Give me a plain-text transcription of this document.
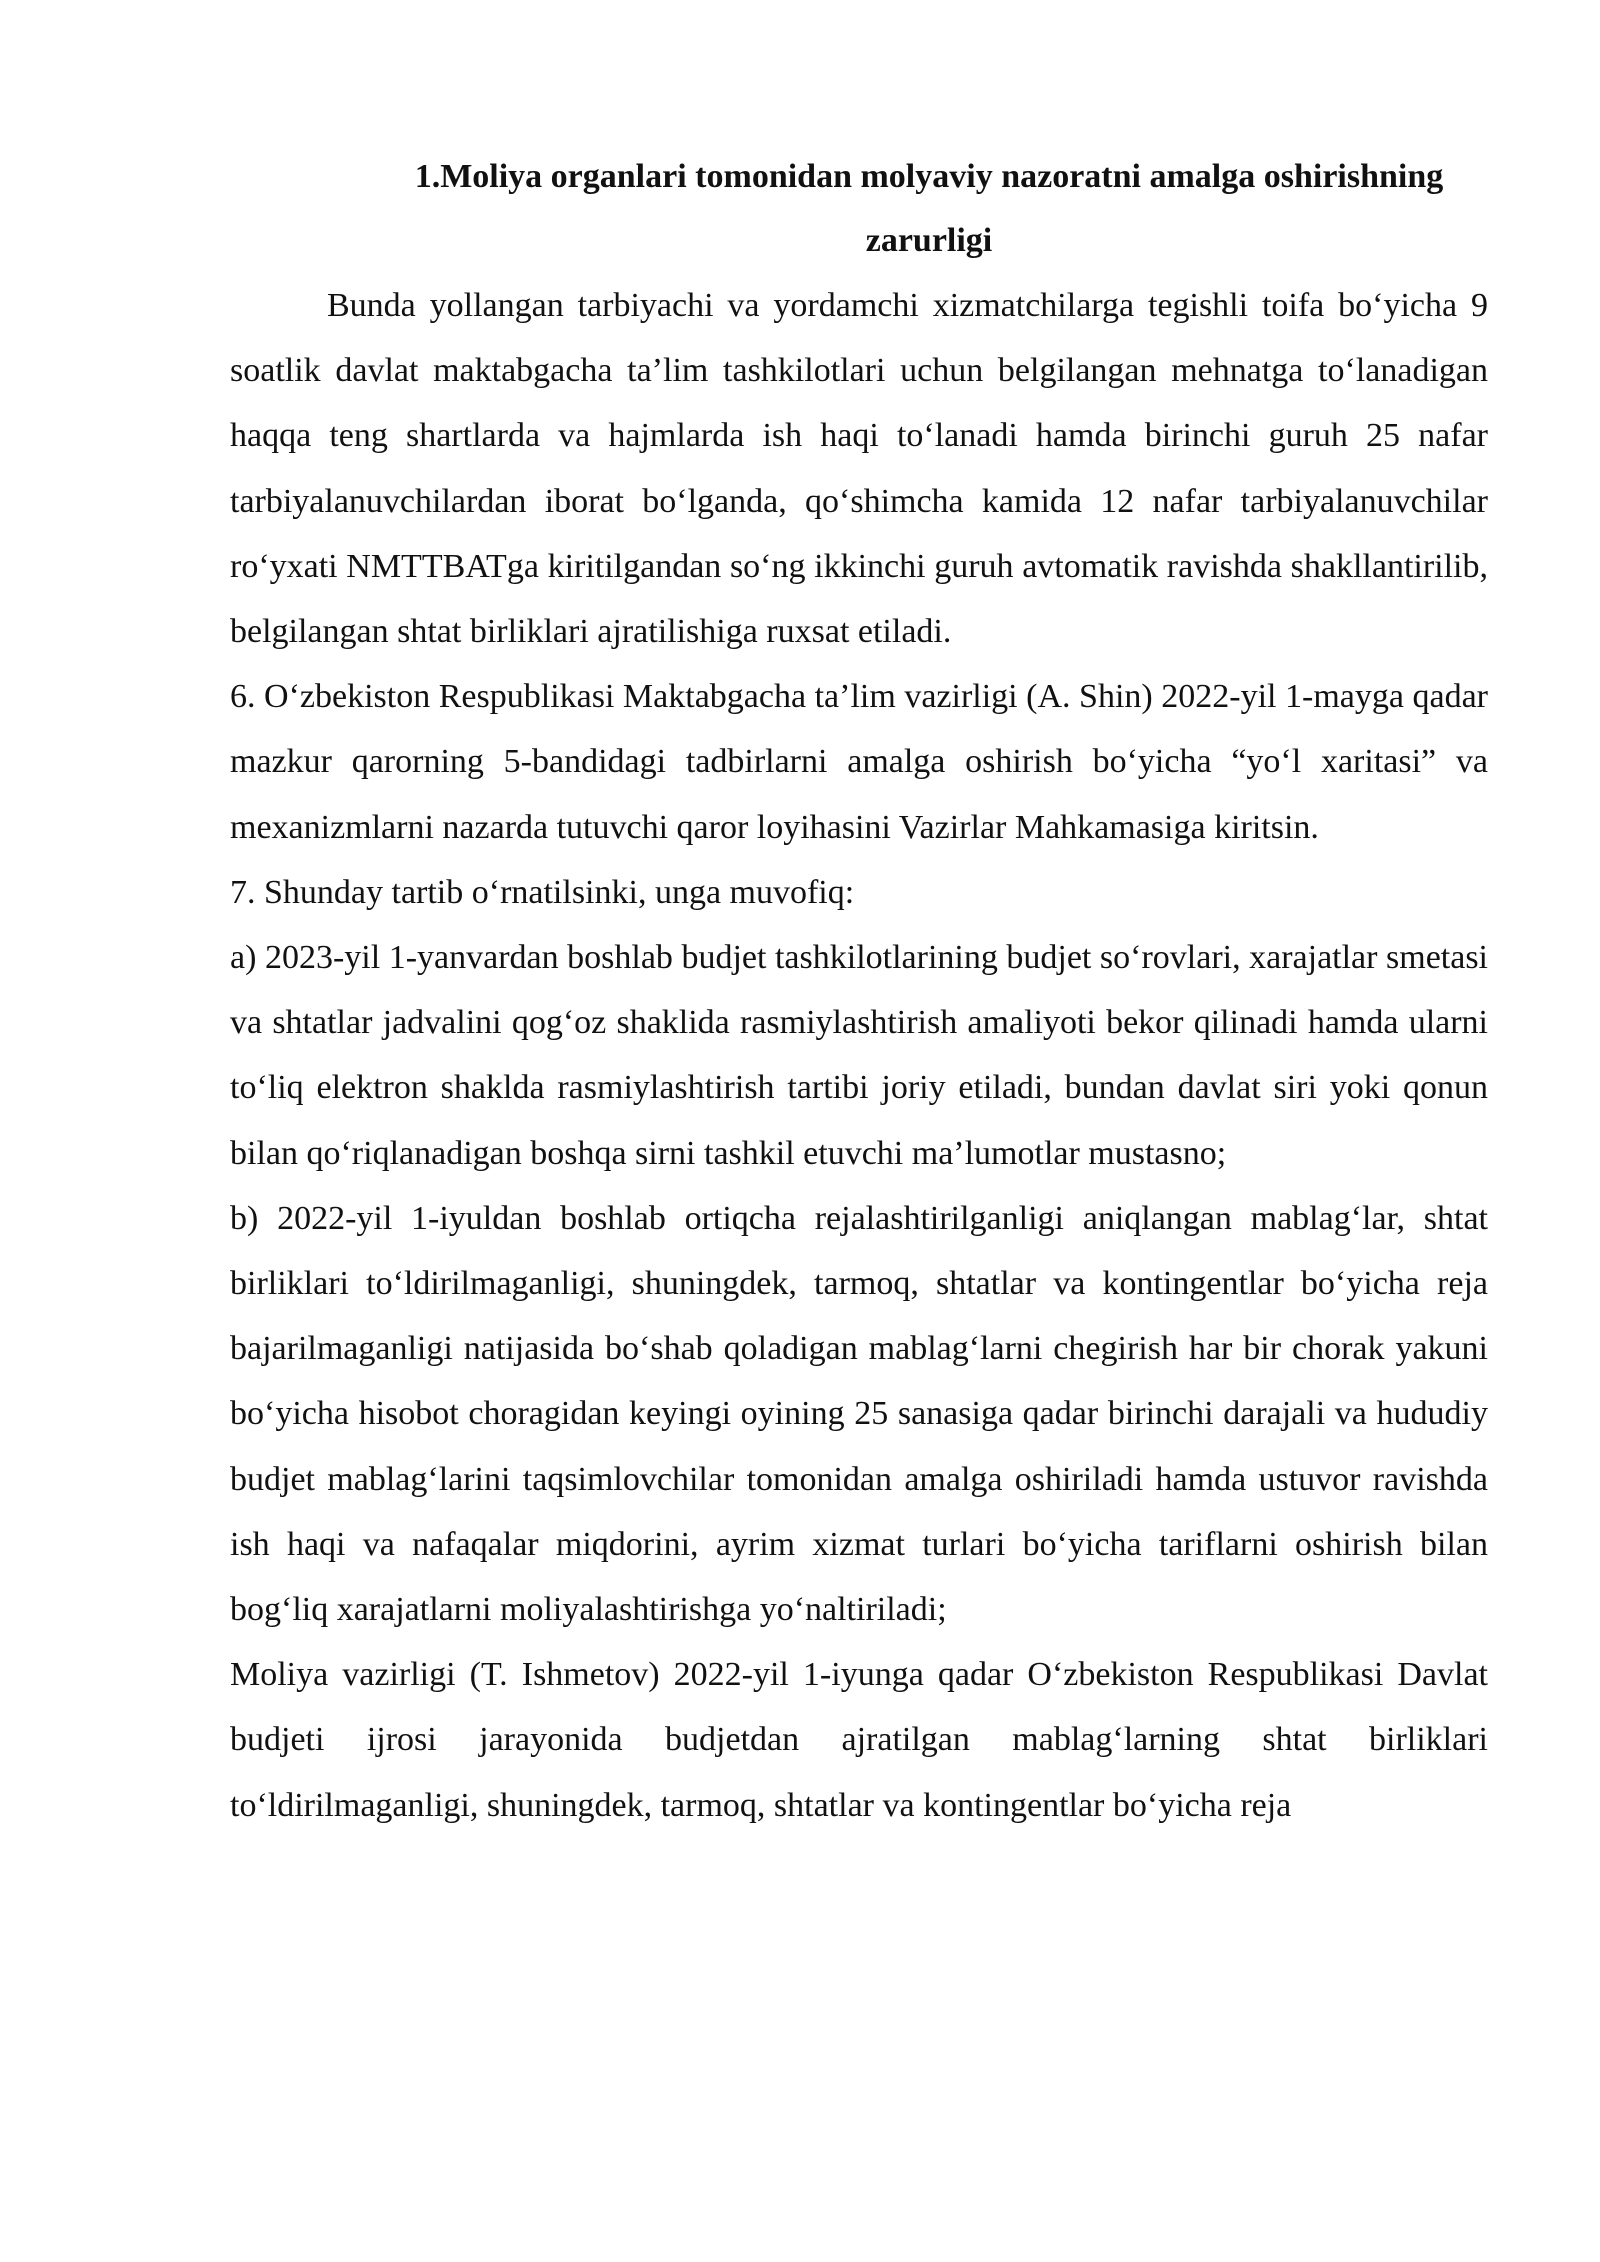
1.Moliya organlari tomonidan molyaviy nazoratni amalga oshirishning
zarurligi

Bunda yollangan tarbiyachi va yordamchi xizmatchilarga tegishli toifa bo‘yicha 9 soatlik davlat maktabgacha ta’lim tashkilotlari uchun belgilangan mehnatga to‘lanadigan haqqa teng shartlarda va hajmlarda ish haqi to‘lanadi hamda birinchi guruh 25 nafar tarbiyalanuvchilardan iborat bo‘lganda, qo‘shimcha kamida 12 nafar tarbiyalanuvchilar ro‘yxati NMTTBATga kiritilgandan so‘ng ikkinchi guruh avtomatik ravishda shakllantirilib, belgilangan shtat birliklari ajratilishiga ruxsat etiladi.

6. O‘zbekiston Respublikasi Maktabgacha ta’lim vazirligi (A. Shin) 2022-yil 1-mayga qadar mazkur qarorning 5-bandidagi tadbirlarni amalga oshirish bo‘yicha “yo‘l xaritasi” va mexanizmlarni nazarda tutuvchi qaror loyihasini Vazirlar Mahkamasiga kiritsin.

7. Shunday tartib o‘rnatilsinki, unga muvofiq:

a) 2023-yil 1-yanvardan boshlab budjet tashkilotlarining budjet so‘rovlari, xarajatlar smetasi va shtatlar jadvalini qog‘oz shaklida rasmiylashtirish amaliyoti bekor qilinadi hamda ularni to‘liq elektron shaklda rasmiylashtirish tartibi joriy etiladi, bundan davlat siri yoki qonun bilan qo‘riqlanadigan boshqa sirni tashkil etuvchi ma’lumotlar mustasno;

b) 2022-yil 1-iyuldan boshlab ortiqcha rejalashtirilganligi aniqlangan mablag‘lar, shtat birliklari to‘ldirilmaganligi, shuningdek, tarmoq, shtatlar va kontingentlar bo‘yicha reja bajarilmaganligi natijasida bo‘shab qoladigan mablag‘larni chegirish har bir chorak yakuni bo‘yicha hisobot choragidan keyingi oyining 25 sanasiga qadar birinchi darajali va hududiy budjet mablag‘larini taqsimlovchilar tomonidan amalga oshiriladi hamda ustuvor ravishda ish haqi va nafaqalar miqdorini, ayrim xizmat turlari bo‘yicha tariflarni oshirish bilan bog‘liq xarajatlarni moliyalashtirishga yo‘naltiriladi;

Moliya vazirligi (T. Ishmetov) 2022-yil 1-iyunga qadar O‘zbekiston Respublikasi Davlat budjeti ijrosi jarayonida budjetdan ajratilgan mablag‘larning shtat birliklari to‘ldirilmaganligi, shuningdek, tarmoq, shtatlar va kontingentlar bo‘yicha reja
